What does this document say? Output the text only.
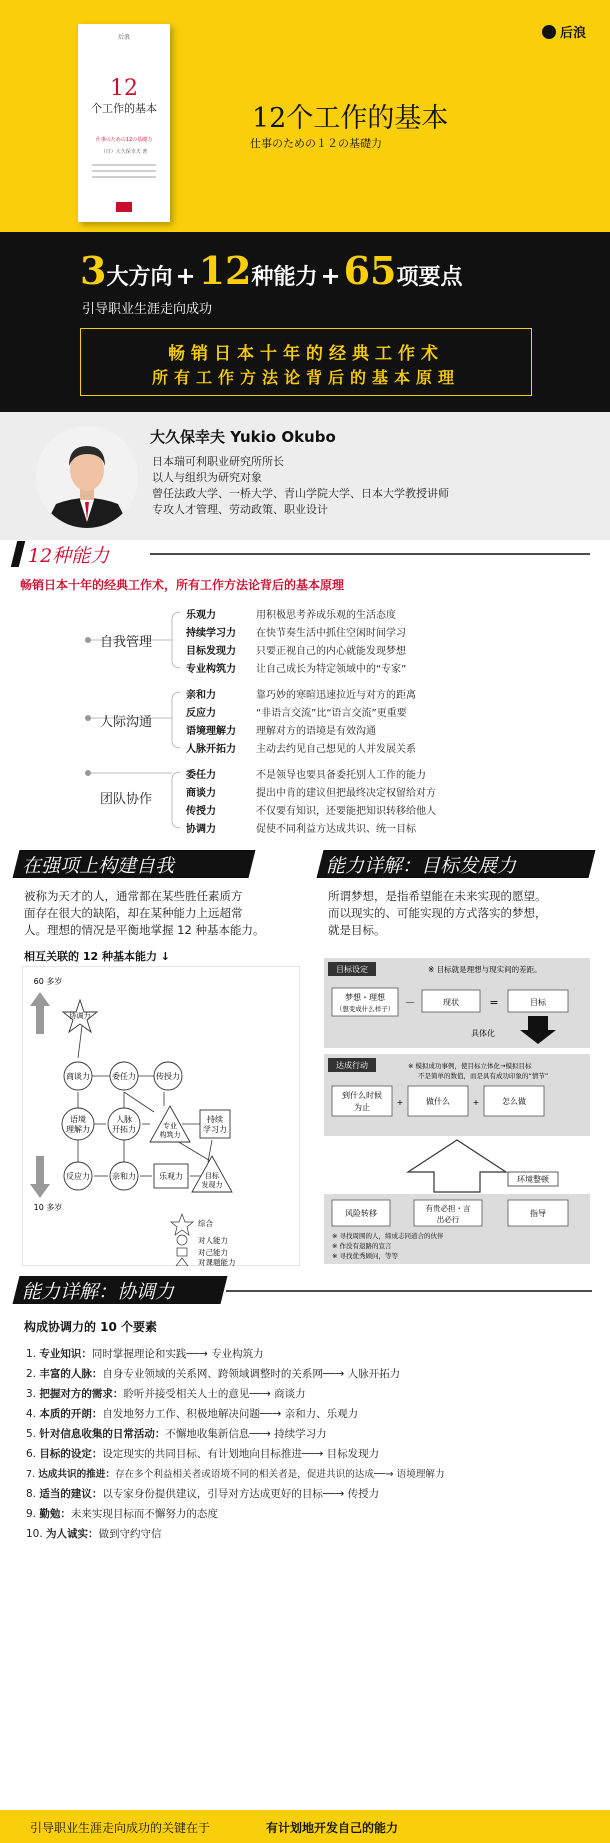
后浪
12
个工作的基本
仕事のための12の基礎力
（日）大久保幸夫 著
后浪
12个工作的基本
仕事のための１２の基礎力
3 大方向 + 12 种能力 + 65 项要点
引导职业生涯走向成功
畅销日本十年的经典工作术
所有工作方法论背后的基本原理
大久保幸夫 Yukio Okubo
日本瑞可利职业研究所所长
以人与组织为研究对象
曾任法政大学、一桥大学、青山学院大学、日本大学教授讲师
专攻人才管理、劳动政策、职业设计
12种能力
畅销日本十年的经典工作术，所有工作方法论背后的基本原理
自我管理
人际沟通
团队协作
乐观力	用积极思考养成乐观的生活态度
持续学习力 在快节奏生活中抓住空闲时间学习
目标发现力 只要正视自己的内心就能发现梦想
专业构筑力 让自己成长为特定领域中的“专家”
亲和力	靠巧妙的寒暄迅速拉近与对方的距离
反应力	“非语言交流”比“语言交流”更重要
语境理解力 理解对方的语境是有效沟通
人脉开拓力 主动去约见自己想见的人并发展关系
委任力	不是领导也要具备委托别人工作的能力
商谈力	提出中肯的建议但把最终决定权留给对方
传授力	不仅要有知识，还要能把知识转移给他人
协调力	促使不同利益方达成共识、统一目标
在强项上构建自我	能力详解：目标发展力
被称为天才的人，通常都在某些胜任素质方
面存在很大的缺陷，却在某种能力上远超常
人。理想的情况是平衡地掌握 12 种基本能力。
所谓梦想，是指希望能在未来实现的愿望。
而以现实的、可能实现的方式落实的梦想，
就是目标。
相互关联的 12 种基本能力 ↓
60 多岁
10 多岁
协调力
商谈力	委任力	传授力
语境
理解力
人脉
开拓力	专业
构筑力
持续
学习力
反应力	亲和力	乐观力	目标
发现力
综合
对人能力
对己能力
对课题能力
目标设定	※ 目标就是理想与现实间的差距。
梦想・理想
（想变成什么样子） －	现状	=	目标
具体化
达成行动	※ 模拟成功事例，使目标立体化→模拟目标
不是简单的数值，而是具有成功印象的“情节”
到什么时候
为止
+	做什么	+	怎么做
环境整顿
风险转移
有贵必担・言
出必行
指导
※ 寻找周围的人，缔成志同道合的伙伴
※ 作没有退路的宣言
※ 寻找优秀顾问，等等
能力详解：协调力
构成协调力的 10 个要素
1. 专业知识：同时掌握理论和实践──→ 专业构筑力
2. 丰富的人脉：自身专业领域的关系网、跨领域调整时的关系网──→ 人脉开拓力
3. 把握对方的需求：聆听并接受相关人士的意见──→ 商谈力
4. 本质的开朗：自发地努力工作、积极地解决问题──→ 亲和力、乐观力
5. 针对信息收集的日常活动：不懈地收集新信息──→ 持续学习力
6. 目标的设定：设定现实的共同目标、有计划地向目标推进──→ 目标发现力
7. 达成共识的推进：存在多个利益相关者或语境不同的相关者是，促进共识的达成──→ 语境理解力
8. 适当的建议：以专家身份提供建议，引导对方达成更好的目标──→ 传授力
9. 勤勉：未来实现目标而不懈努力的态度
10. 为人诚实：做到守约守信
引导职业生涯走向成功的关键在于	有计划地开发自己的能力
